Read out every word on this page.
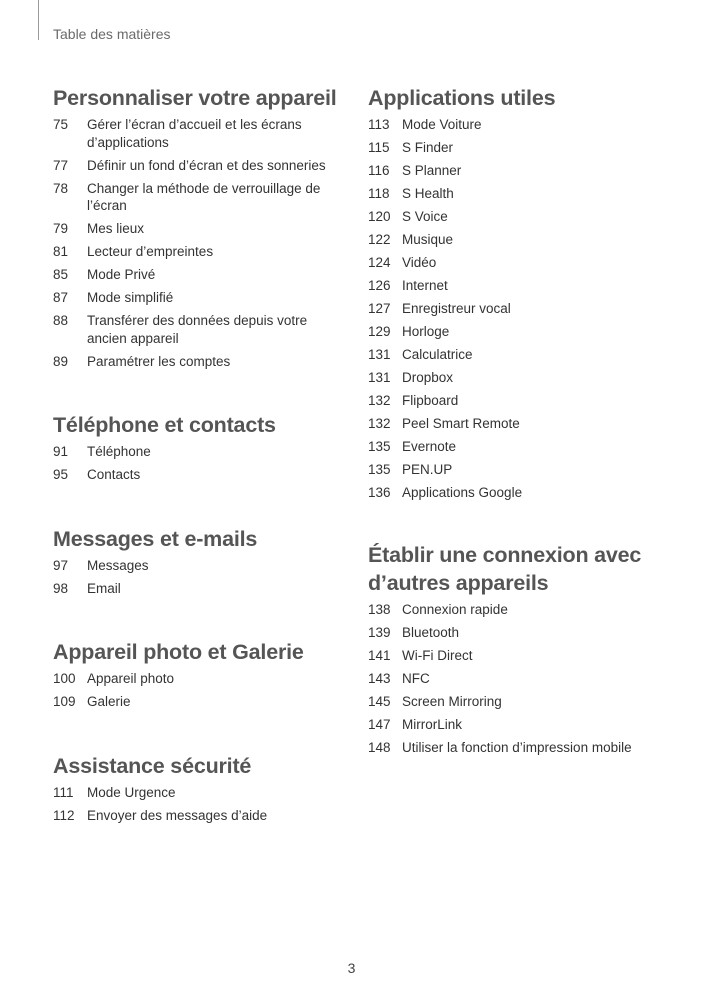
Table des matières
Personnaliser votre appareil
75	Gérer l’écran d’accueil et les écrans d’applications
77	Définir un fond d’écran et des sonneries
78	Changer la méthode de verrouillage de l’écran
79	Mes lieux
81	Lecteur d’empreintes
85	Mode Privé
87	Mode simplifié
88	Transférer des données depuis votre ancien appareil
89	Paramétrer les comptes
Téléphone et contacts
91	Téléphone
95	Contacts
Messages et e-mails
97	Messages
98	Email
Appareil photo et Galerie
100 Appareil photo
109 Galerie
Assistance sécurité
111 Mode Urgence
112 Envoyer des messages d’aide
Applications utiles
113 Mode Voiture
115 S Finder
116 S Planner
118 S Health
120 S Voice
122 Musique
124 Vidéo
126 Internet
127 Enregistreur vocal
129 Horloge
131 Calculatrice
131 Dropbox
132 Flipboard
132 Peel Smart Remote
135 Evernote
135 PEN.UP
136 Applications Google
Établir une connexion avec d’autres appareils
138 Connexion rapide
139 Bluetooth
141 Wi-Fi Direct
143 NFC
145 Screen Mirroring
147 MirrorLink
148 Utiliser la fonction d’impression mobile
3
